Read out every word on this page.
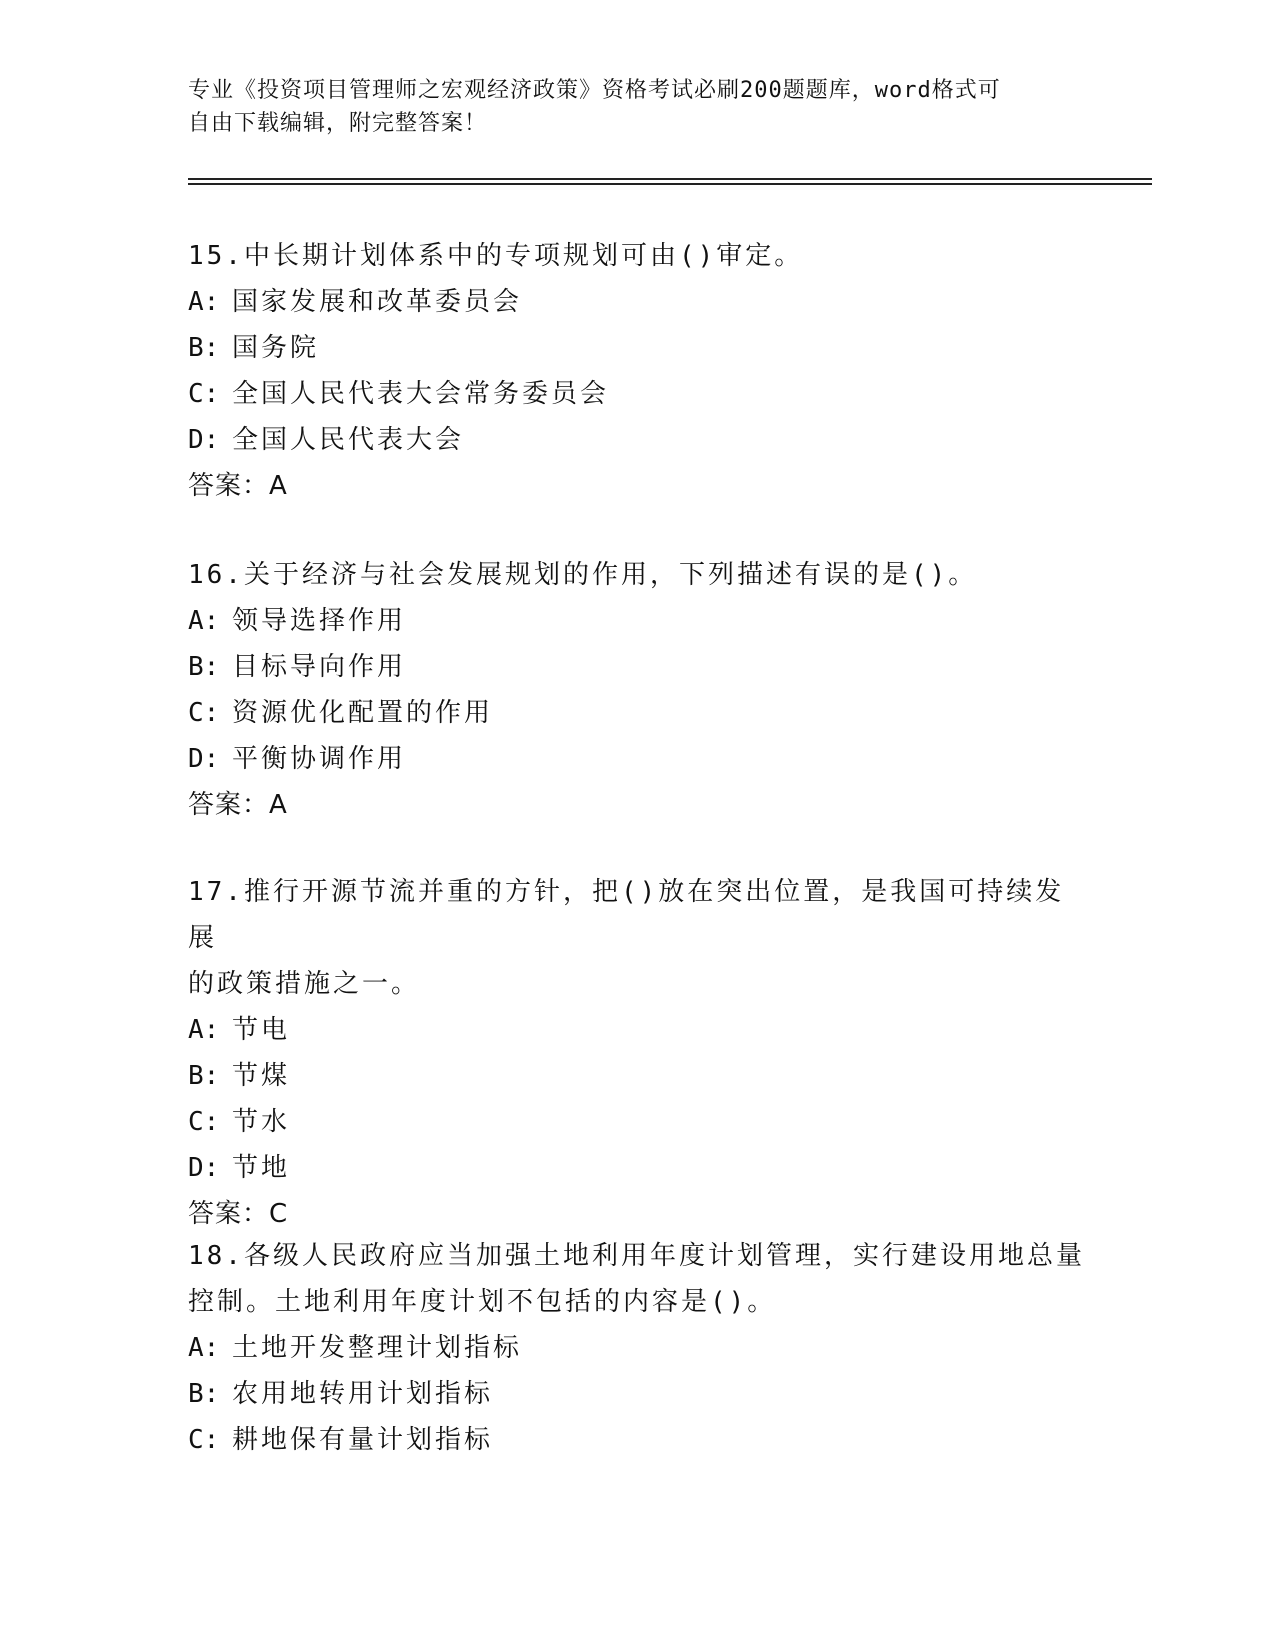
专业《投资项目管理师之宏观经济政策》资格考试必刷200题题库，word格式可
自由下载编辑，附完整答案！
15.中长期计划体系中的专项规划可由()审定。
A: 国家发展和改革委员会
B: 国务院
C: 全国人民代表大会常务委员会
D: 全国人民代表大会
答案：A
16.关于经济与社会发展规划的作用，下列描述有误的是()。
A: 领导选择作用
B: 目标导向作用
C: 资源优化配置的作用
D: 平衡协调作用
答案：A
17.推行开源节流并重的方针，把()放在突出位置，是我国可持续发展
的政策措施之一。
A: 节电
B: 节煤
C: 节水
D: 节地
答案：C
18.各级人民政府应当加强土地利用年度计划管理，实行建设用地总量
控制。土地利用年度计划不包括的内容是()。
A: 土地开发整理计划指标
B: 农用地转用计划指标
C: 耕地保有量计划指标
